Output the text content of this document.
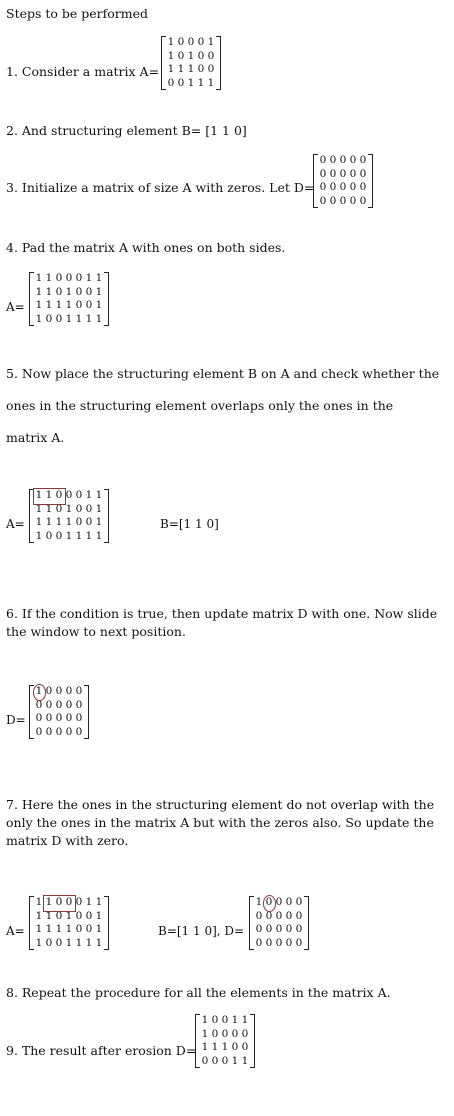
Steps to be performed
1. Consider a matrix A=
1 0 0 0 1
1 0 1 0 0
1 1 1 0 0
0 0 1 1 1
2. And structuring element B= [1 1 0]
3. Initialize a matrix of size A with zeros. Let D=
0 0 0 0 0
0 0 0 0 0
0 0 0 0 0
0 0 0 0 0
4. Pad the matrix A with ones on both sides.
A=
1 1 0 0 0 1 1
1 1 0 1 0 0 1
1 1 1 1 0 0 1
1 0 0 1 1 1 1
5. Now place the structuring element B on A and check whether the
ones in the structuring element overlaps only the ones in the
matrix A.
A=
1 1 0 0 0 1 1
1 1 0 1 0 0 1
1 1 1 1 0 0 1
1 0 0 1 1 1 1
B=[1 1 0]
6. If the condition is true, then update matrix D with one. Now slide
the window to next position.
D=
1 0 0 0 0
0 0 0 0 0
0 0 0 0 0
0 0 0 0 0
7. Here the ones in the structuring element do not overlap with the
only the ones in the matrix A but with the zeros also. So update the
matrix D with zero.
A=
1 1 0 0 0 1 1
1 1 0 1 0 0 1
1 1 1 1 0 0 1
1 0 0 1 1 1 1
B=[1 1 0], D=
1 0 0 0 0
0 0 0 0 0
0 0 0 0 0
0 0 0 0 0
8. Repeat the procedure for all the elements in the matrix A.
9. The result after erosion D=
1 0 0 1 1
1 0 0 0 0
1 1 1 0 0
0 0 0 1 1
